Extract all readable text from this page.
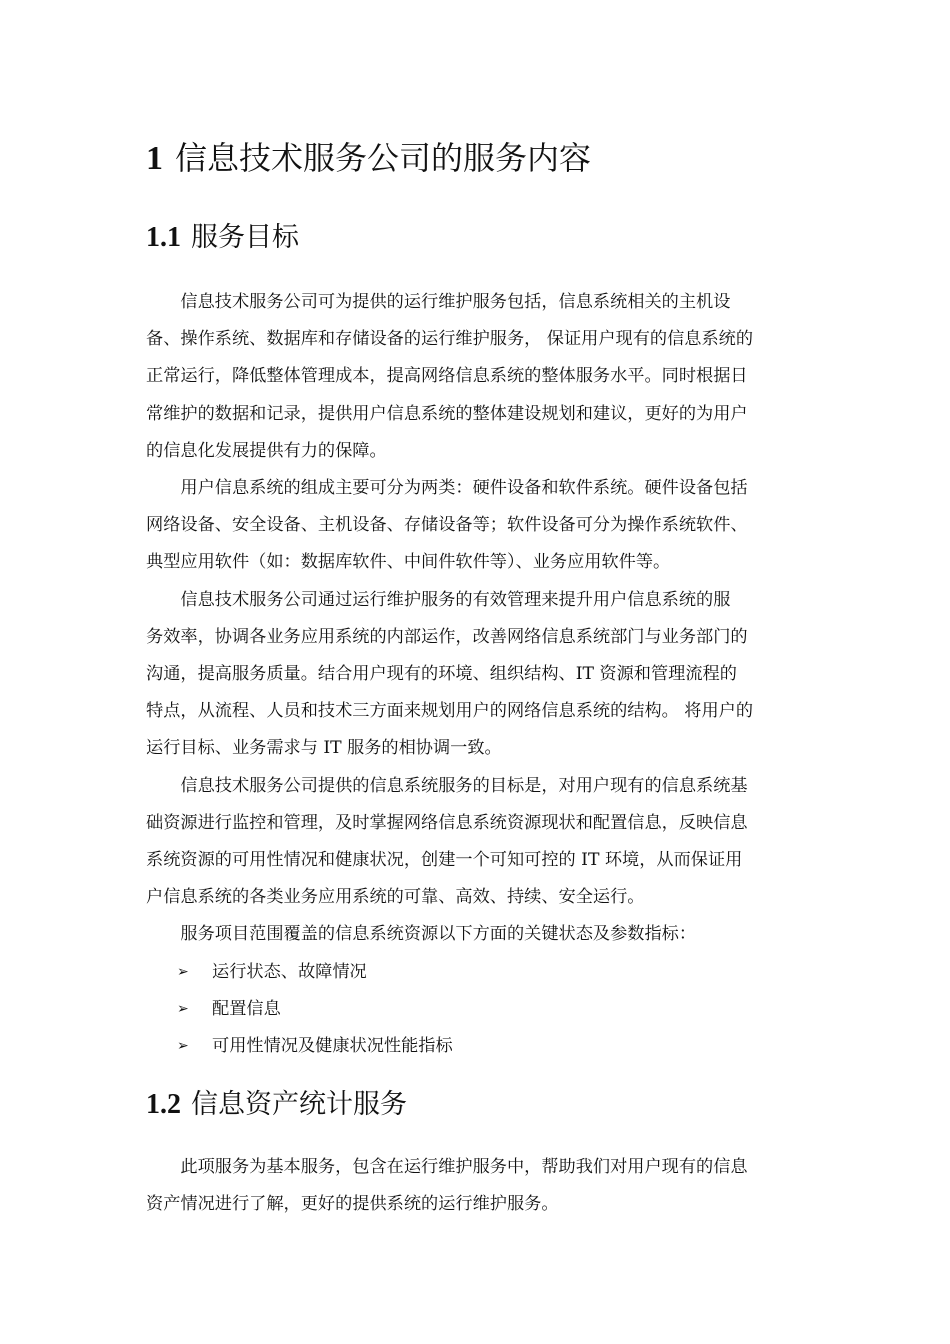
1 信息技术服务公司的服务内容
1.1 服务目标

信息技术服务公司可为提供的运行维护服务包括，信息系统相关的主机设
备、操作系统、数据库和存储设备的运行维护服务， 保证用户现有的信息系统的
正常运行，降低整体管理成本，提高网络信息系统的整体服务水平。同时根据日
常维护的数据和记录，提供用户信息系统的整体建设规划和建议，更好的为用户
的信息化发展提供有力的保障。

用户信息系统的组成主要可分为两类：硬件设备和软件系统。硬件设备包括
网络设备、安全设备、主机设备、存储设备等；软件设备可分为操作系统软件、
典型应用软件（如：数据库软件、中间件软件等）、业务应用软件等。

信息技术服务公司通过运行维护服务的有效管理来提升用户信息系统的服
务效率，协调各业务应用系统的内部运作，改善网络信息系统部门与业务部门的
沟通，提高服务质量。结合用户现有的环境、组织结构、IT 资源和管理流程的
特点，从流程、人员和技术三方面来规划用户的网络信息系统的结构。 将用户的
运行目标、业务需求与 IT 服务的相协调一致。

信息技术服务公司提供的信息系统服务的目标是，对用户现有的信息系统基
础资源进行监控和管理，及时掌握网络信息系统资源现状和配置信息，反映信息
系统资源的可用性情况和健康状况，创建一个可知可控的 IT 环境，从而保证用
户信息系统的各类业务应用系统的可靠、高效、持续、安全运行。

服务项目范围覆盖的信息系统资源以下方面的关键状态及参数指标：

➢ 运行状态、故障情况
➢ 配置信息
➢ 可用性情况及健康状况性能指标
1.2 信息资产统计服务

此项服务为基本服务，包含在运行维护服务中，帮助我们对用户现有的信息
资产情况进行了解，更好的提供系统的运行维护服务。
